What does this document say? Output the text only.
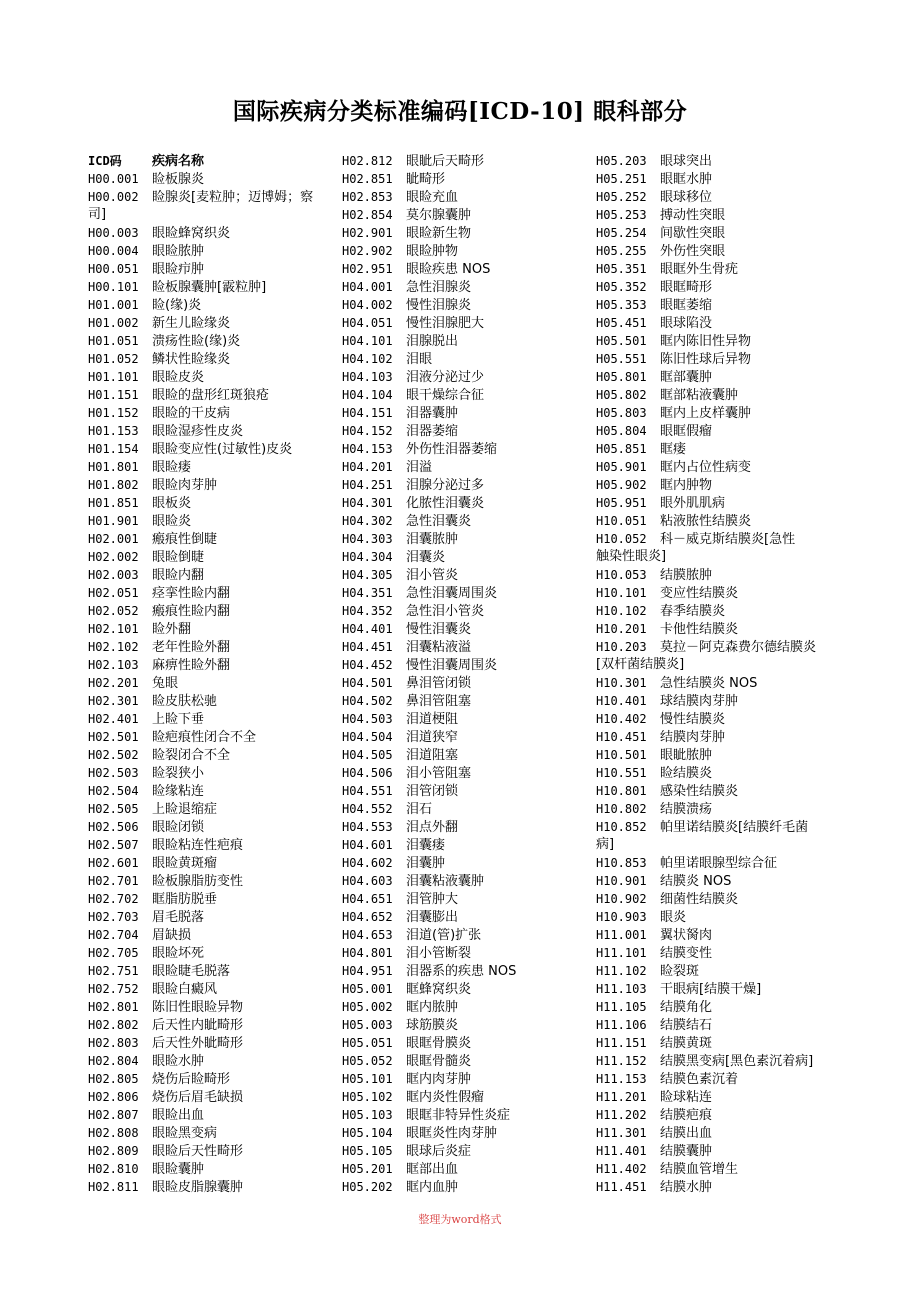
国际疾病分类标准编码[ICD-10] 眼科部分
ICD码 疾病名称
H00.001 睑板腺炎
H00.002 睑腺炎[麦粒肿；迈博姆；察
司]
H00.003 眼睑蜂窝织炎
H00.004 眼睑脓肿
H00.051 眼睑疖肿
H00.101 睑板腺囊肿[霰粒肿]
H01.001 睑(缘)炎
H01.002 新生儿睑缘炎
H01.051 溃疡性睑(缘)炎
H01.052 鳞状性睑缘炎
H01.101 眼睑皮炎
H01.151 眼睑的盘形红斑狼疮
H01.152 眼睑的干皮病
H01.153 眼睑湿疹性皮炎
H01.154 眼睑变应性(过敏性)皮炎
H01.801 眼睑瘘
H01.802 眼睑肉芽肿
H01.851 眼板炎
H01.901 眼睑炎
H02.001 瘢痕性倒睫
H02.002 眼睑倒睫
H02.003 眼睑内翻
H02.051 痉挛性睑内翻
H02.052 瘢痕性睑内翻
H02.101 睑外翻
H02.102 老年性睑外翻
H02.103 麻痹性睑外翻
H02.201 兔眼
H02.301 睑皮肤松驰
H02.401 上睑下垂
H02.501 睑疤痕性闭合不全
H02.502 睑裂闭合不全
H02.503 睑裂狭小
H02.504 睑缘粘连
H02.505 上睑退缩症
H02.506 眼睑闭锁
H02.507 眼睑粘连性疤痕
H02.601 眼睑黄斑瘤
H02.701 睑板腺脂肪变性
H02.702 眶脂肪脱垂
H02.703 眉毛脱落
H02.704 眉缺损
H02.705 眼睑坏死
H02.751 眼睑睫毛脱落
H02.752 眼睑白癜风
H02.801 陈旧性眼睑异物
H02.802 后天性内眦畸形
H02.803 后天性外眦畸形
H02.804 眼睑水肿
H02.805 烧伤后睑畸形
H02.806 烧伤后眉毛缺损
H02.807 眼睑出血
H02.808 眼睑黑变病
H02.809 眼睑后天性畸形
H02.810 眼睑囊肿
H02.811 眼睑皮脂腺囊肿
H02.812 眼眦后天畸形
H02.851 眦畸形
H02.853 眼睑充血
H02.854 莫尔腺囊肿
H02.901 眼睑新生物
H02.902 眼睑肿物
H02.951 眼睑疾患 NOS
H04.001 急性泪腺炎
H04.002 慢性泪腺炎
H04.051 慢性泪腺肥大
H04.101 泪腺脱出
H04.102 泪眼
H04.103 泪液分泌过少
H04.104 眼干燥综合征
H04.151 泪器囊肿
H04.152 泪器萎缩
H04.153 外伤性泪器萎缩
H04.201 泪溢
H04.251 泪腺分泌过多
H04.301 化脓性泪囊炎
H04.302 急性泪囊炎
H04.303 泪囊脓肿
H04.304 泪囊炎
H04.305 泪小管炎
H04.351 急性泪囊周围炎
H04.352 急性泪小管炎
H04.401 慢性泪囊炎
H04.451 泪囊粘液溢
H04.452 慢性泪囊周围炎
H04.501 鼻泪管闭锁
H04.502 鼻泪管阻塞
H04.503 泪道梗阻
H04.504 泪道狭窄
H04.505 泪道阻塞
H04.506 泪小管阻塞
H04.551 泪管闭锁
H04.552 泪石
H04.553 泪点外翻
H04.601 泪囊瘘
H04.602 泪囊肿
H04.603 泪囊粘液囊肿
H04.651 泪管肿大
H04.652 泪囊膨出
H04.653 泪道(管)扩张
H04.801 泪小管断裂
H04.951 泪器系的疾患 NOS
H05.001 眶蜂窝织炎
H05.002 眶内脓肿
H05.003 球筋膜炎
H05.051 眼眶骨膜炎
H05.052 眼眶骨髓炎
H05.101 眶内肉芽肿
H05.102 眶内炎性假瘤
H05.103 眼眶非特异性炎症
H05.104 眼眶炎性肉芽肿
H05.105 眼球后炎症
H05.201 眶部出血
H05.202 眶内血肿
H05.203 眼球突出
H05.251 眼眶水肿
H05.252 眼球移位
H05.253 搏动性突眼
H05.254 间歇性突眼
H05.255 外伤性突眼
H05.351 眼眶外生骨疣
H05.352 眼眶畸形
H05.353 眼眶萎缩
H05.451 眼球陷没
H05.501 眶内陈旧性异物
H05.551 陈旧性球后异物
H05.801 眶部囊肿
H05.802 眶部粘液囊肿
H05.803 眶内上皮样囊肿
H05.804 眼眶假瘤
H05.851 眶瘘
H05.901 眶内占位性病变
H05.902 眶内肿物
H05.951 眼外肌肌病
H10.051 粘液脓性结膜炎
H10.052 科－威克斯结膜炎[急性
触染性眼炎]
H10.053 结膜脓肿
H10.101 变应性结膜炎
H10.102 春季结膜炎
H10.201 卡他性结膜炎
H10.203 莫拉－阿克森费尔德结膜炎
[双杆菌结膜炎]
H10.301 急性结膜炎 NOS
H10.401 球结膜肉芽肿
H10.402 慢性结膜炎
H10.451 结膜肉芽肿
H10.501 眼眦脓肿
H10.551 睑结膜炎
H10.801 感染性结膜炎
H10.802 结膜溃疡
H10.852 帕里诺结膜炎[结膜纤毛菌
病]
H10.853 帕里诺眼腺型综合征
H10.901 结膜炎 NOS
H10.902 细菌性结膜炎
H10.903 眼炎
H11.001 翼状胬肉
H11.101 结膜变性
H11.102 睑裂斑
H11.103 干眼病[结膜干燥]
H11.105 结膜角化
H11.106 结膜结石
H11.151 结膜黄斑
H11.152 结膜黑变病[黑色素沉着病]
H11.153 结膜色素沉着
H11.201 睑球粘连
H11.202 结膜疤痕
H11.301 结膜出血
H11.401 结膜囊肿
H11.402 结膜血管增生
H11.451 结膜水肿
整理为word格式
